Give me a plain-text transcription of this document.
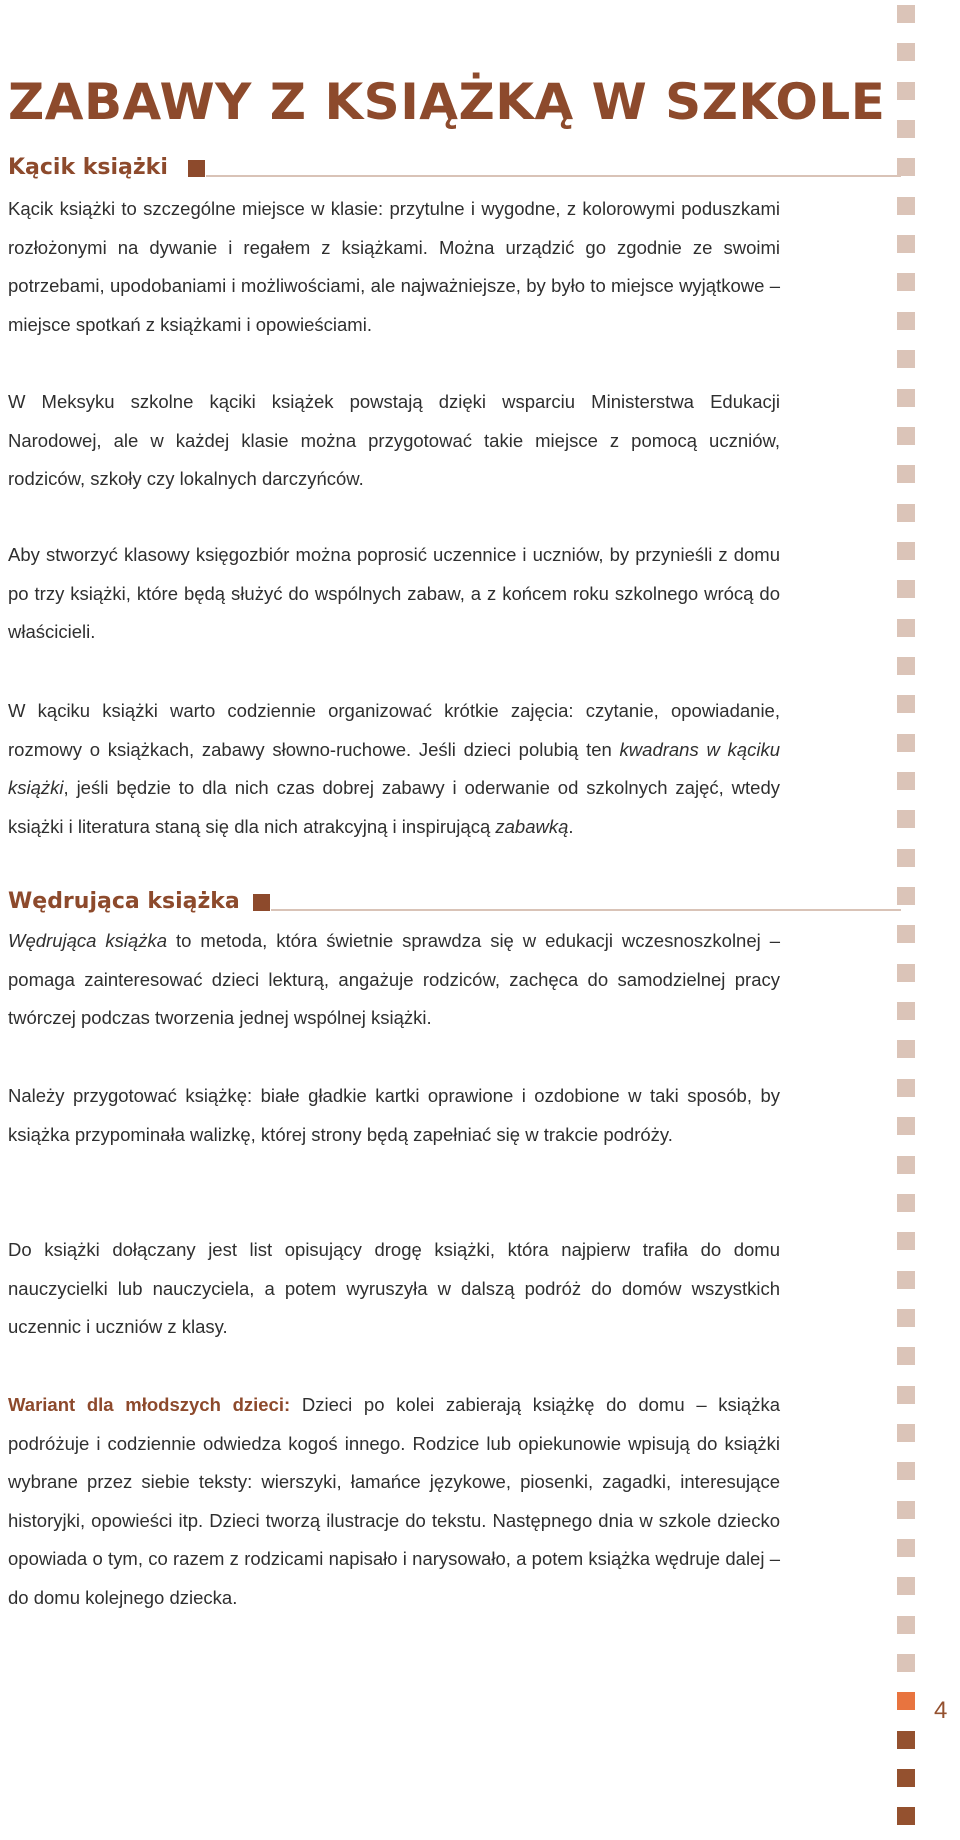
ZABAWY Z KSIĄŻKĄ W SZKOLE
Kącik książki

Kącik książki to szczególne miejsce w klasie: przytulne i wygodne, z kolorowymi poduszkami rozłożonymi na dywanie i regałem z książkami. Można urządzić go zgodnie ze swoimi potrzebami, upodobaniami i możliwościami, ale najważniejsze, by było to miejsce wyjątkowe – miejsce spotkań z książkami i opowieściami.

W Meksyku szkolne kąciki książek powstają dzięki wsparciu Ministerstwa Edukacji Narodowej, ale w każdej klasie można przygotować takie miejsce z pomocą uczniów, rodziców, szkoły czy lokalnych darczyńców.

Aby stworzyć klasowy księgozbiór można poprosić uczennice i uczniów, by przynieśli z domu po trzy książki, które będą służyć do wspólnych zabaw, a z końcem roku szkolnego wrócą do właścicieli.

W kąciku książki warto codziennie organizować krótkie zajęcia: czytanie, opowiadanie, rozmowy o książkach, zabawy słowno-ruchowe. Jeśli dzieci polubią ten kwadrans w kąciku książki, jeśli będzie to dla nich czas dobrej zabawy i oderwanie od szkolnych zajęć, wtedy książki i literatura staną się dla nich atrakcyjną i inspirującą zabawką.

Wędrująca książka

Wędrująca książka to metoda, która świetnie sprawdza się w edukacji wczesnoszkolnej – pomaga zainteresować dzieci lekturą, angażuje rodziców, zachęca do samodzielnej pracy twórczej podczas tworzenia jednej wspólnej książki.

Należy przygotować książkę: białe gładkie kartki oprawione i ozdobione w taki sposób, by książka przypominała walizkę, której strony będą zapełniać się w trakcie podróży.

Do książki dołączany jest list opisujący drogę książki, która najpierw trafiła do domu nauczycielki lub nauczyciela, a potem wyruszyła w dalszą podróż do domów wszystkich uczennic i uczniów z klasy.

Wariant dla młodszych dzieci: Dzieci po kolei zabierają książkę do domu – książka podróżuje i codziennie odwiedza kogoś innego. Rodzice lub opiekunowie wpisują do książki wybrane przez siebie teksty: wierszyki, łamańce językowe, piosenki, zagadki, interesujące historyjki, opowieści itp. Dzieci tworzą ilustracje do tekstu. Następnego dnia w szkole dziecko opowiada o tym, co razem z rodzicami napisało i narysowało, a potem książka wędruje dalej – do domu kolejnego dziecka.

4
